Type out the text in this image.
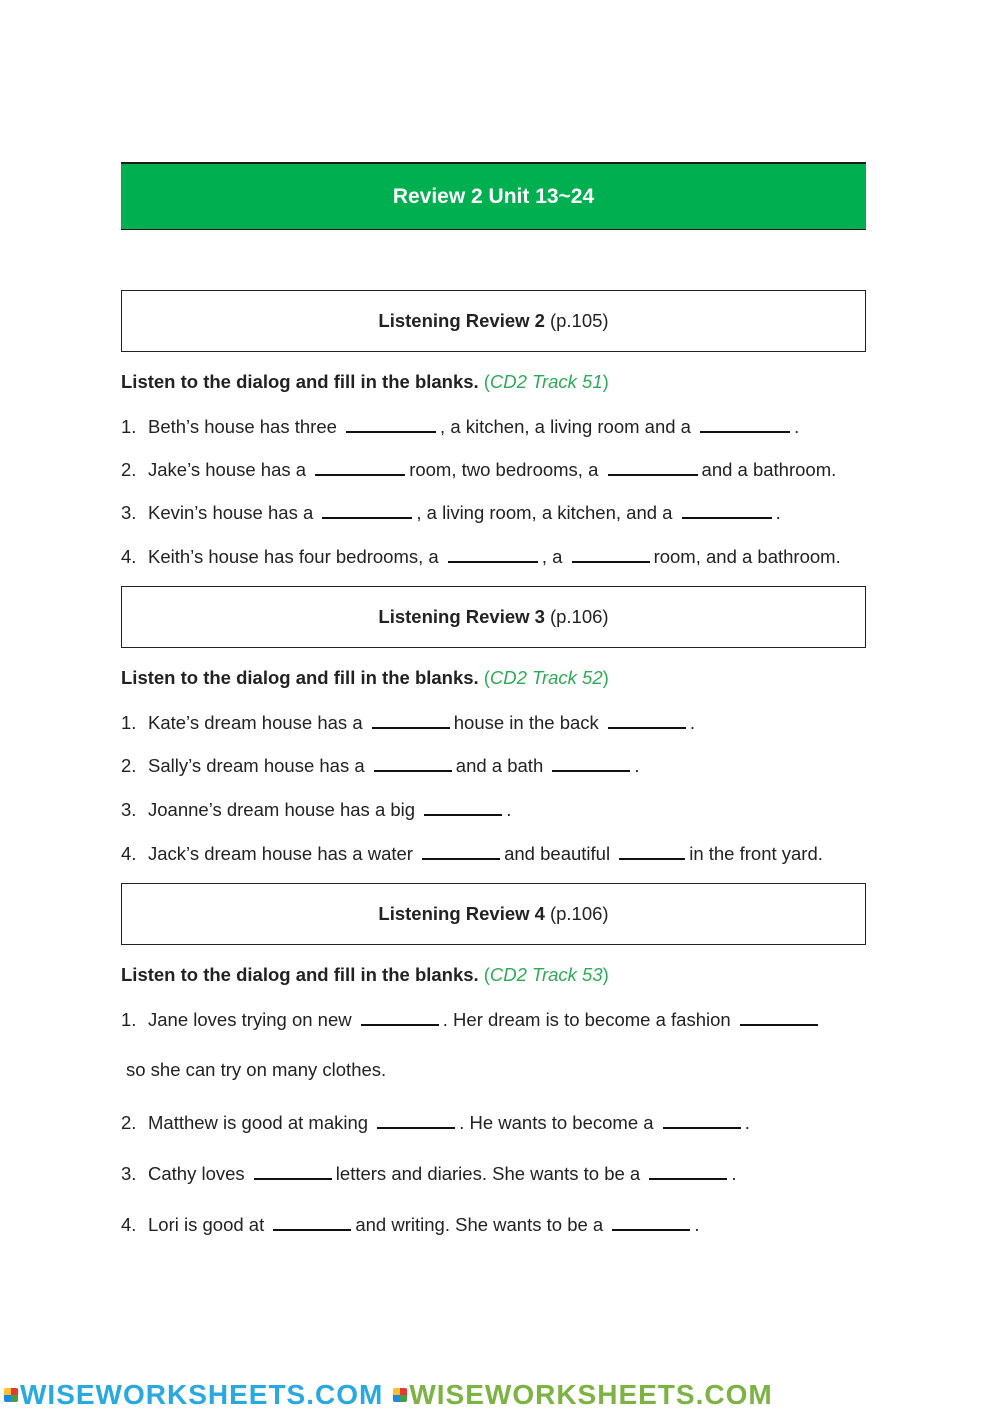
Review 2 Unit 13~24
Listening Review 2 (p.105)
Listen to the dialog and fill in the blanks. (CD2 Track 51)
1. Beth’s house has three	, a kitchen, a living room and a	.
2. Jake’s house has a	room, two bedrooms, a	and a bathroom.
3. Kevin’s house has a	, a living room, a kitchen, and a	.
4. Keith’s house has four bedrooms, a	, a	room, and a bathroom.
Listening Review 3 (p.106)
Listen to the dialog and fill in the blanks. (CD2 Track 52)
1. Kate’s dream house has a	house in the back	.
2. Sally’s dream house has a	and a bath	.
3. Joanne’s dream house has a big	.
4. Jack’s dream house has a water	and beautiful	in the front yard.
Listening Review 4 (p.106)
Listen to the dialog and fill in the blanks. (CD2 Track 53)
1. Jane loves trying on new	. Her dream is to become a fashion
so she can try on many clothes.
2. Matthew is good at making	. He wants to become a	.
3. Cathy loves	letters and diaries. She wants to be a	.
4. Lori is good at	and writing. She wants to be a	.
WISEWORKSHEETS.COM WISEWORKSHEETS.COM
